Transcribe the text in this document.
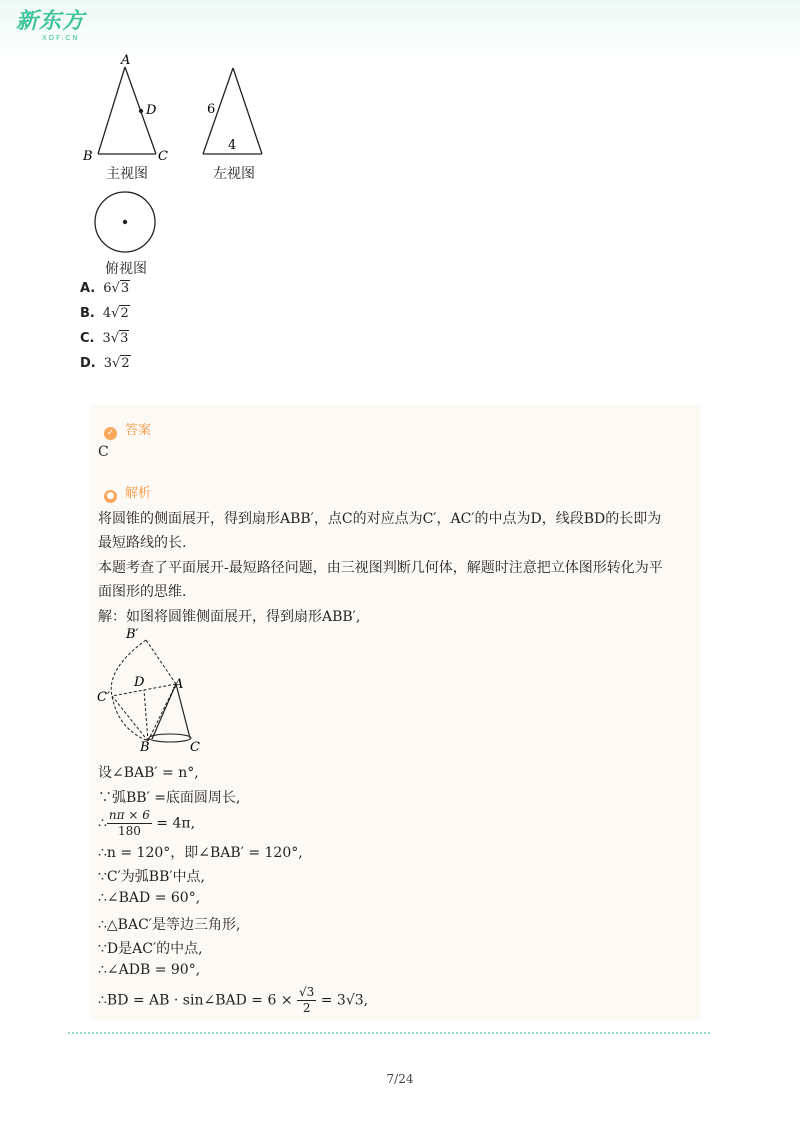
新东方
XDF.CN
A
D
B	C
主视图
6
4
左视图
俯视图
A. 6√3
B. 4√2
C. 3√3
D. 3√2
✓ 答案
C
● 解析
将圆锥的侧面展开，得到扇形ABB′，点C的对应点为C′，AC′的中点为D，线段BD的长即为
最短路线的长.
本题考查了平面展开-最短路径问题，由三视图判断几何体，解题时注意把立体图形转化为平
面图形的思维.
解：如图将圆锥侧面展开，得到扇形ABB′,
B′
D A
C′
B	C
设∠BAB′ = n°,
∵弧BB′ =底面圆周长,
∴ $\frac{n\pi \times 6}{180} = 4\pi$,
∴n = 120°，即∠BAB′ = 120°,
∵C′为弧BB′中点,
∴∠BAD = 60°,
∴△BAC′是等边三角形,
∵D是AC′的中点,
∴∠ADB = 90°,
∴BD = AB · sin∠BAD = $6 \times \frac{√3}{2} = 3√3$,
7/24
